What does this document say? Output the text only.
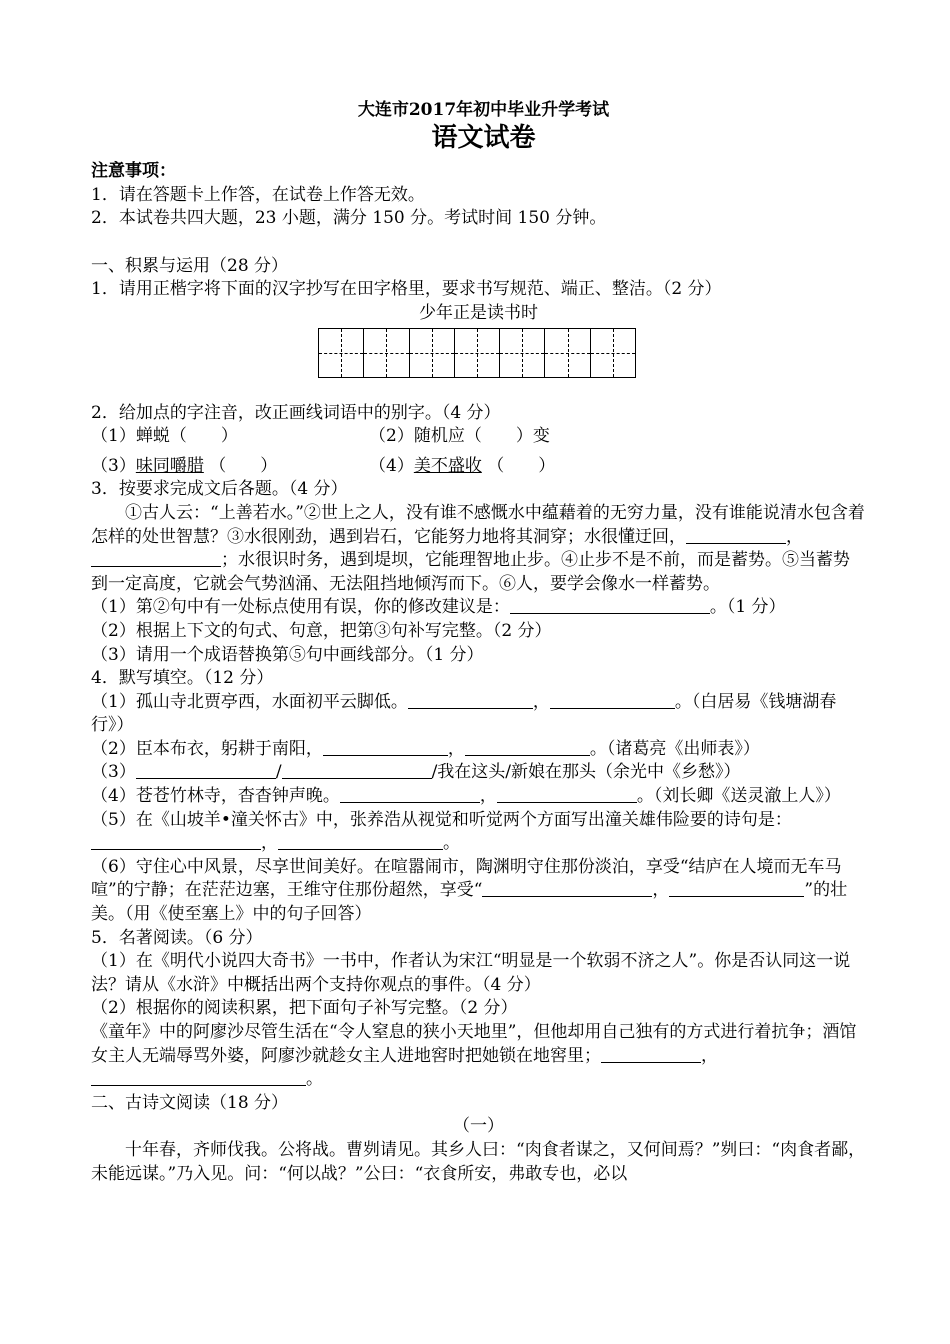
大连市2017年初中毕业升学考试
语文试卷
注意事项：
1．请在答题卡上作答，在试卷上作答无效。
2．本试卷共四大题，23 小题，满分 150 分。考试时间 150 分钟。
一、积累与运用（28 分）
1．请用正楷字将下面的汉字抄写在田字格里，要求书写规范、端正、整洁。（2 分）
少年正是读书时
2．给加点的字注音，改正画线词语中的别字。（4 分）
（1）蝉蜕（　　）	（2）随机应（　　）变
（3）味同嚼腊 （　　）	（4）美不盛收 （　　）
3．按要求完成文后各题。（4 分）
①古人云：“上善若水。”②世上之人，没有谁不感慨水中蕴藉着的无穷力量，没有谁能说清水包含着怎样的处世智慧？③水很刚劲，遇到岩石，它能努力地将其洞穿；水很懂迂回，	，；水很识时务，遇到堤坝，它能理智地止步。④止步不是不前，而是蓄势。⑤当蓄势到一定高度，它就会气势汹涌、无法阻挡地倾泻而下。⑥人，要学会像水一样蓄势。
（1）第②句中有一处标点使用有误，你的修改建议是：	。（1 分）
（2）根据上下文的句式、句意，把第③句补写完整。（2 分）
（3）请用一个成语替换第⑤句中画线部分。（1 分）
4．默写填空。（12 分）
（1）孤山寺北贾亭西，水面初平云脚低。	，	。（白居易《钱塘湖春行》）
（2）臣本布衣，躬耕于南阳，	，	。（诸葛亮《出师表》）
（3）	/	/我在这头/新娘在那头（余光中《乡愁》）
（4）苍苍竹林寺，杳杳钟声晚。	，	。（刘长卿《送灵澈上人》）
（5）在《山坡羊•潼关怀古》中，张养浩从视觉和听觉两个方面写出潼关雄伟险要的诗句是：，	。
（6）守住心中风景，尽享世间美好。在喧嚣闹市，陶渊明守住那份淡泊，享受“结庐在人境而无车马喧”的宁静；在茫茫边塞，王维守住那份超然，享受“	，	”的壮美。（用《使至塞上》中的句子回答）
5．名著阅读。（6 分）
（1）在《明代小说四大奇书》一书中，作者认为宋江“明显是一个软弱不济之人”。你是否认同这一说法？请从《水浒》中概括出两个支持你观点的事件。（4 分）
（2）根据你的阅读积累，把下面句子补写完整。（2 分）
《童年》中的阿廖沙尽管生活在“令人窒息的狭小天地里”，但他却用自己独有的方式进行着抗争；酒馆女主人无端辱骂外婆，阿廖沙就趁女主人进地窖时把她锁在地窖里；	，。
二、古诗文阅读（18 分）
（一）
十年春，齐师伐我。公将战。曹刿请见。其乡人曰：“肉食者谋之，又何间焉？”刿曰：“肉食者鄙，未能远谋。”乃入见。问：“何以战？”公曰：“衣食所安，弗敢专也，必以
